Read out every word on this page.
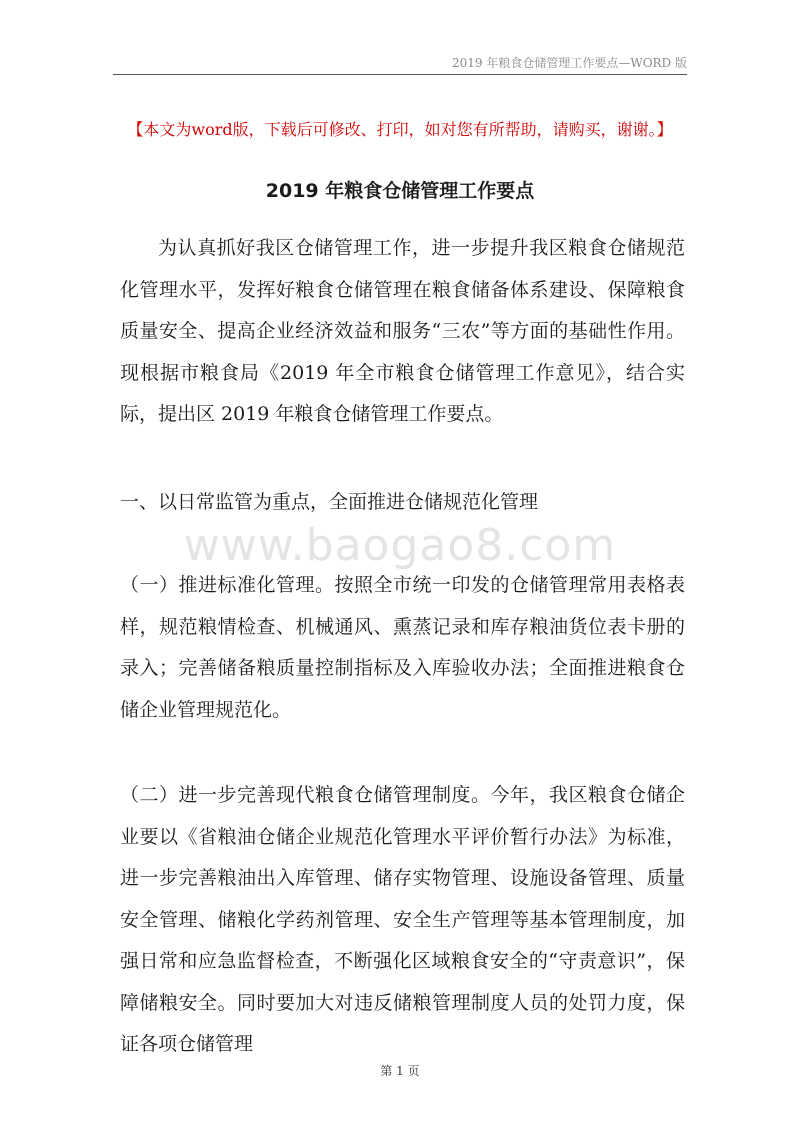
2019 年粮食仓储管理工作要点—WORD 版
【本文为word版，下载后可修改、打印，如对您有所帮助，请购买，谢谢。】
2019 年粮食仓储管理工作要点
为认真抓好我区仓储管理工作，进一步提升我区粮食仓储规范化管理水平，发挥好粮食仓储管理在粮食储备体系建设、保障粮食质量安全、提高企业经济效益和服务“三农”等方面的基础性作用。现根据市粮食局《2019 年全市粮食仓储管理工作意见》，结合实际，提出区 2019 年粮食仓储管理工作要点。
一、以日常监管为重点，全面推进仓储规范化管理
www.baogao8.com
（一）推进标准化管理。按照全市统一印发的仓储管理常用表格表样，规范粮情检查、机械通风、熏蒸记录和库存粮油货位表卡册的录入；完善储备粮质量控制指标及入库验收办法；全面推进粮食仓储企业管理规范化。
（二）进一步完善现代粮食仓储管理制度。今年，我区粮食仓储企业要以《省粮油仓储企业规范化管理水平评价暂行办法》为标准，进一步完善粮油出入库管理、储存实物管理、设施设备管理、质量安全管理、储粮化学药剂管理、安全生产管理等基本管理制度，加强日常和应急监督检查，不断强化区域粮食安全的“守责意识”，保障储粮安全。同时要加大对违反储粮管理制度人员的处罚力度，保证各项仓储管理
第 1 页
